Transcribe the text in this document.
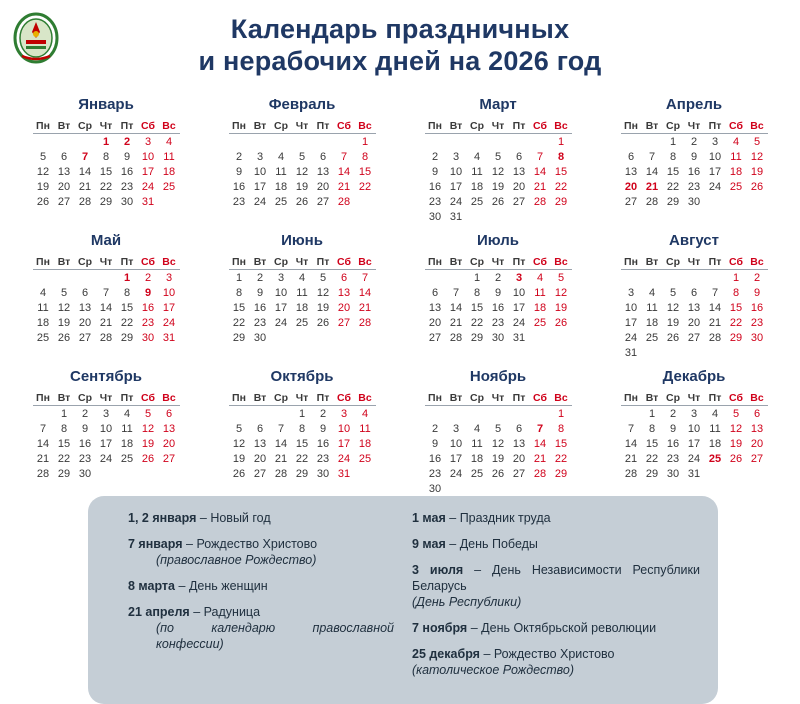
Календарь праздничных
и нерабочих дней на 2026 год
Январь
Пн	Вт	Ср	Чт	Пт	Сб	Вс
			1	2	3	4
5	6	7	8	9	10	11
12	13	14	15	16	17	18
19	20	21	22	23	24	25
26	27	28	29	30	31	
Февраль
Пн	Вт	Ср	Чт	Пт	Сб	Вс
						1
2	3	4	5	6	7	8
9	10	11	12	13	14	15
16	17	18	19	20	21	22
23	24	25	26	27	28	
Март
Пн	Вт	Ср	Чт	Пт	Сб	Вс
						1
2	3	4	5	6	7	8
9	10	11	12	13	14	15
16	17	18	19	20	21	22
23	24	25	26	27	28	29
30	31					
Апрель
Пн	Вт	Ср	Чт	Пт	Сб	Вс
		1	2	3	4	5
6	7	8	9	10	11	12
13	14	15	16	17	18	19
20	21	22	23	24	25	26
27	28	29	30			
Май
Пн	Вт	Ср	Чт	Пт	Сб	Вс
				1	2	3
4	5	6	7	8	9	10
11	12	13	14	15	16	17
18	19	20	21	22	23	24
25	26	27	28	29	30	31
Июнь
Пн	Вт	Ср	Чт	Пт	Сб	Вс
1	2	3	4	5	6	7
8	9	10	11	12	13	14
15	16	17	18	19	20	21
22	23	24	25	26	27	28
29	30					
Июль
Пн	Вт	Ср	Чт	Пт	Сб	Вс
		1	2	3	4	5
6	7	8	9	10	11	12
13	14	15	16	17	18	19
20	21	22	23	24	25	26
27	28	29	30	31		
Август
Пн	Вт	Ср	Чт	Пт	Сб	Вс
					1	2
3	4	5	6	7	8	9
10	11	12	13	14	15	16
17	18	19	20	21	22	23
24	25	26	27	28	29	30
31						
Сентябрь
Пн	Вт	Ср	Чт	Пт	Сб	Вс
	1	2	3	4	5	6
7	8	9	10	11	12	13
14	15	16	17	18	19	20
21	22	23	24	25	26	27
28	29	30				
Октябрь
Пн	Вт	Ср	Чт	Пт	Сб	Вс
			1	2	3	4
5	6	7	8	9	10	11
12	13	14	15	16	17	18
19	20	21	22	23	24	25
26	27	28	29	30	31	
Ноябрь
Пн	Вт	Ср	Чт	Пт	Сб	Вс
						1
2	3	4	5	6	7	8
9	10	11	12	13	14	15
16	17	18	19	20	21	22
23	24	25	26	27	28	29
30						
Декабрь
Пн	Вт	Ср	Чт	Пт	Сб	Вс
	1	2	3	4	5	6
7	8	9	10	11	12	13
14	15	16	17	18	19	20
21	22	23	24	25	26	27
28	29	30	31			
1, 2 января – Новый год
7 января – Рождество Христово
(православное Рождество)
8 марта – День женщин
21 апреля – Радуница
(по календарю православной конфессии)
1 мая – Праздник труда
9 мая – День Победы
3 июля – День Независимости Республики Беларусь
(День Республики)
7 ноября – День Октябрьской революции
25 декабря – Рождество Христово
(католическое Рождество)
